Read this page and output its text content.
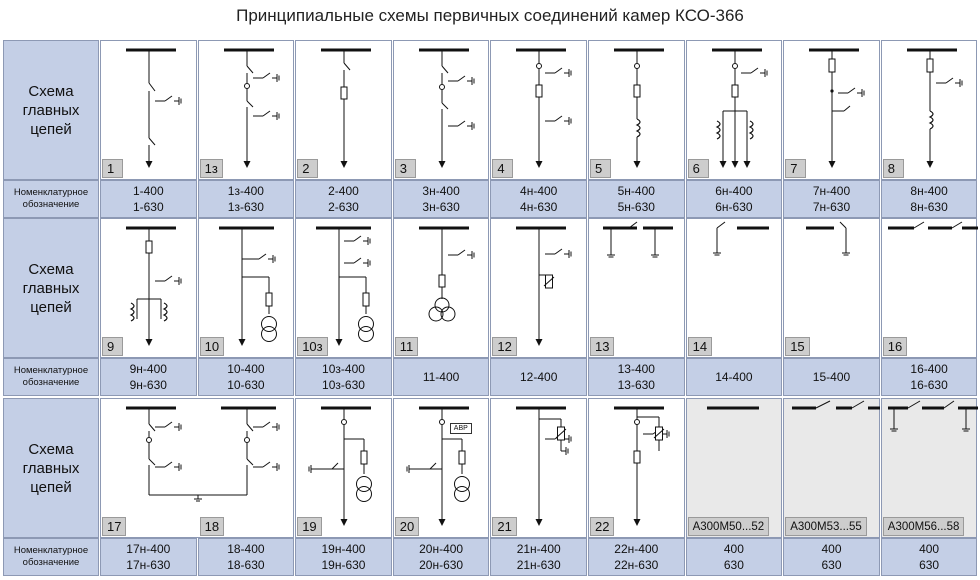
Принципиальные схемы первичных соединений камер КСО-366
Схема
главных
цепей
Номенклатурное
обозначение
1
1-400
1-630
1з
1з-400
1з-630
2
2-400
2-630
3
3н-400
3н-630
4
4н-400
4н-630
5
5н-400
5н-630
6
6н-400
6н-630
7
7н-400
7н-630
8
8н-400
8н-630
Схема
главных
цепей
Номенклатурное
обозначение
9
9н-400
9н-630
10
10-400
10-630
10з
10з-400
10з-630
11
11-400
12
12-400
13
13-400
13-630
14
14-400
15
15-400
16
16-400
16-630
Схема
главных
цепей
Номенклатурное
обозначение
17
17н-400
17н-630
18
18-400
18-630
19
19н-400
19н-630
АВР
20
20н-400
20н-630
21
21н-400
21н-630
22
22н-400
22н-630
А300М50...52
400
630
А300М53...55
400
630
А300М56...58
400
630
